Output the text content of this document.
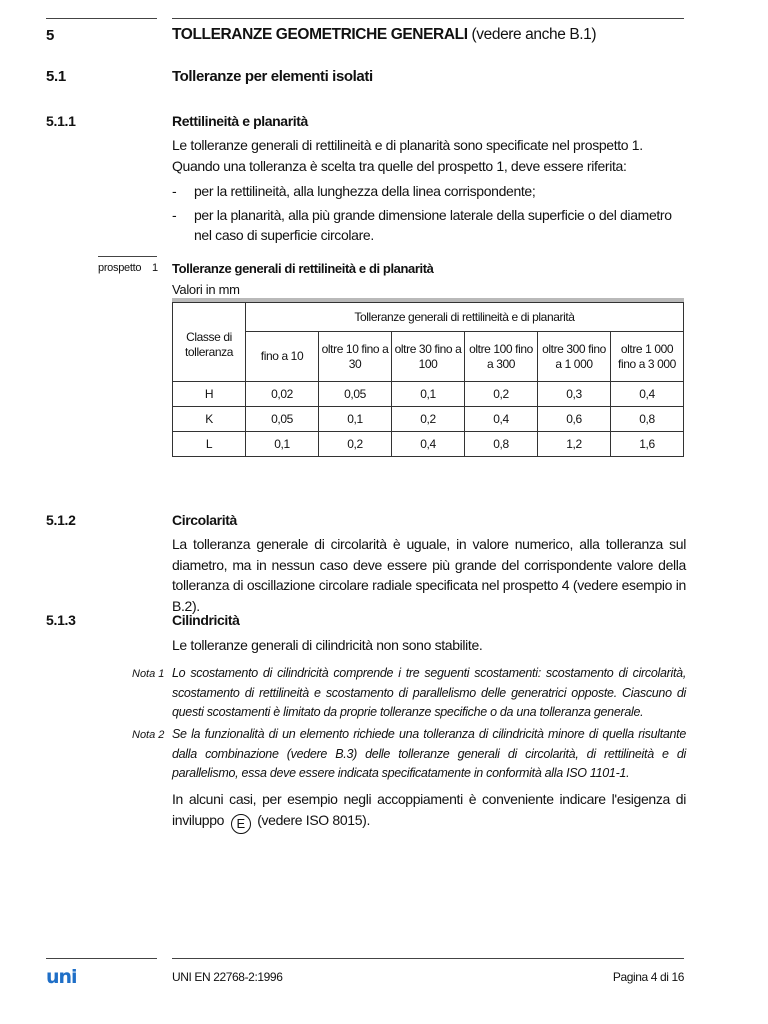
5	TOLLERANZE GEOMETRICHE GENERALI (vedere anche B.1)
5.1	Tolleranze per elementi isolati
5.1.1	Rettilineità e planarità
Le tolleranze generali di rettilineità e di planarità sono specificate nel prospetto 1. Quando una tolleranza è scelta tra quelle del prospetto 1, deve essere riferita:
- per la rettilineità, alla lunghezza della linea corrispondente;
- per la planarità, alla più grande dimensione laterale della superficie o del diametro nel caso di superficie circolare.
prospetto 1 Tolleranze generali di rettilineità e di planarità
Valori in mm
Classe di tolleranza	Tolleranze generali di rettilineità e di planarità					
	fino a 10	oltre 10 fino a 30	oltre 30 fino a 100	oltre 100 fino a 300	oltre 300 fino a 1 000	oltre 1 000 fino a 3 000
H	0,02	0,05	0,1	0,2	0,3	0,4
K	0,05	0,1	0,2	0,4	0,6	0,8
L	0,1	0,2	0,4	0,8	1,2	1,6
5.1.2	Circolarità
La tolleranza generale di circolarità è uguale, in valore numerico, alla tolleranza sul diametro, ma in nessun caso deve essere più grande del corrispondente valore della tolleranza di oscillazione circolare radiale specificata nel prospetto 4 (vedere esempio in B.2).
5.1.3	Cilindricità
Le tolleranze generali di cilindricità non sono stabilite.
Nota 1 Lo scostamento di cilindricità comprende i tre seguenti scostamenti: scostamento di circolarità, scostamento di rettilineità e scostamento di parallelismo delle generatrici opposte. Ciascuno di questi scostamenti è limitato da proprie tolleranze specifiche o da una tolleranza generale.
Nota 2 Se la funzionalità di un elemento richiede una tolleranza di cilindricità minore di quella risultante dalla combinazione (vedere B.3) delle tolleranze generali di circolarità, di rettilineità e di parallelismo, essa deve essere indicata specificatamente in conformità alla ISO 1101-1.
In alcuni casi, per esempio negli accoppiamenti è conveniente indicare l'esigenza di inviluppo E (vedere ISO 8015).
uni	UNI EN 22768-2:1996	Pagina 4 di 16
